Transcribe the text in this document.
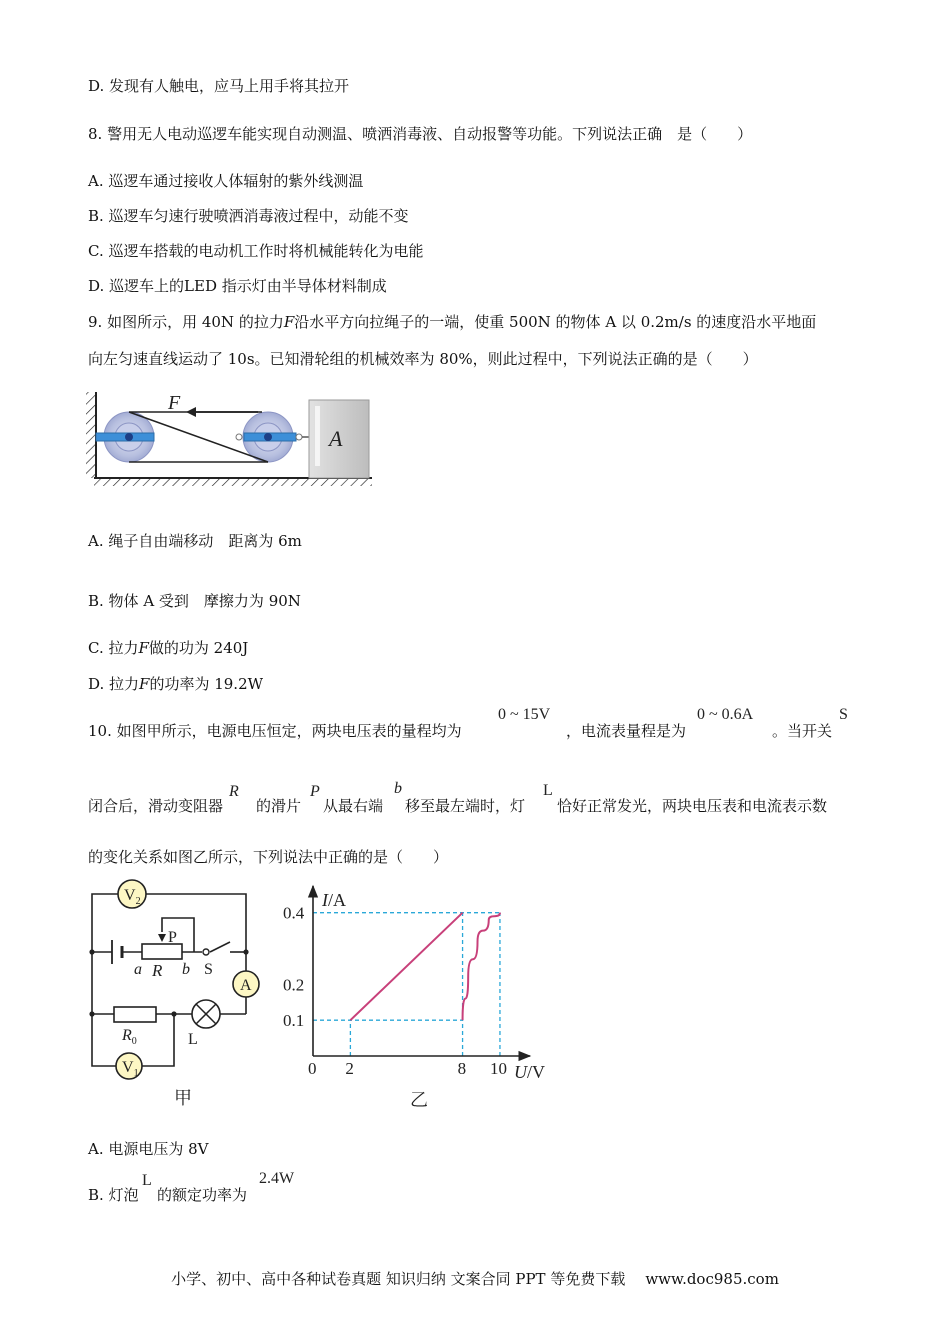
D. 发现有人触电，应马上用手将其拉开
8. 警用无人电动巡逻车能实现自动测温、喷洒消毒液、自动报警等功能。下列说法正确　是（　　）
A. 巡逻车通过接收人体辐射的紫外线测温
B. 巡逻车匀速行驶喷洒消毒液过程中，动能不变
C. 巡逻车搭载的电动机工作时将机械能转化为电能
D. 巡逻车上的LED 指示灯由半导体材料制成
9. 如图所示，用 40N 的拉力F沿水平方向拉绳子的一端，使重 500N 的物体 A 以 0.2m/s 的速度沿水平地面
向左匀速直线运动了 10s。已知滑轮组的机械效率为 80%，则此过程中，下列说法正确的是（　　）
F
A
A. 绳子自由端移动　距离为 6m
B. 物体 A 受到　摩擦力为 90N
C. 拉力F做的功为 240J
D. 拉力F的功率为 19.2W
10. 如图甲所示，电源电压恒定，两块电压表的量程均为
0 ~ 15V
，电流表量程是为
0 ~ 0.6A
。当开关
S
闭合后，滑动变阻器
R
的滑片
P
从最右端
b
移至最左端时，灯
L
恰好正常发光，两块电压表和电流表示数
的变化关系如图乙所示，下列说法中正确的是（　　）
$V_2$
A
$V_1$
P
a R b S
$R_0$	L
甲
2	8 10
0.1
0.2
0.4
I/A
U/V
0
乙
A. 电源电压为 8V
B. 灯泡
L
的额定功率为
2.4W
小学、初中、高中各种试卷真题 知识归纳 文案合同 PPT 等免费下载 www.doc985.com
